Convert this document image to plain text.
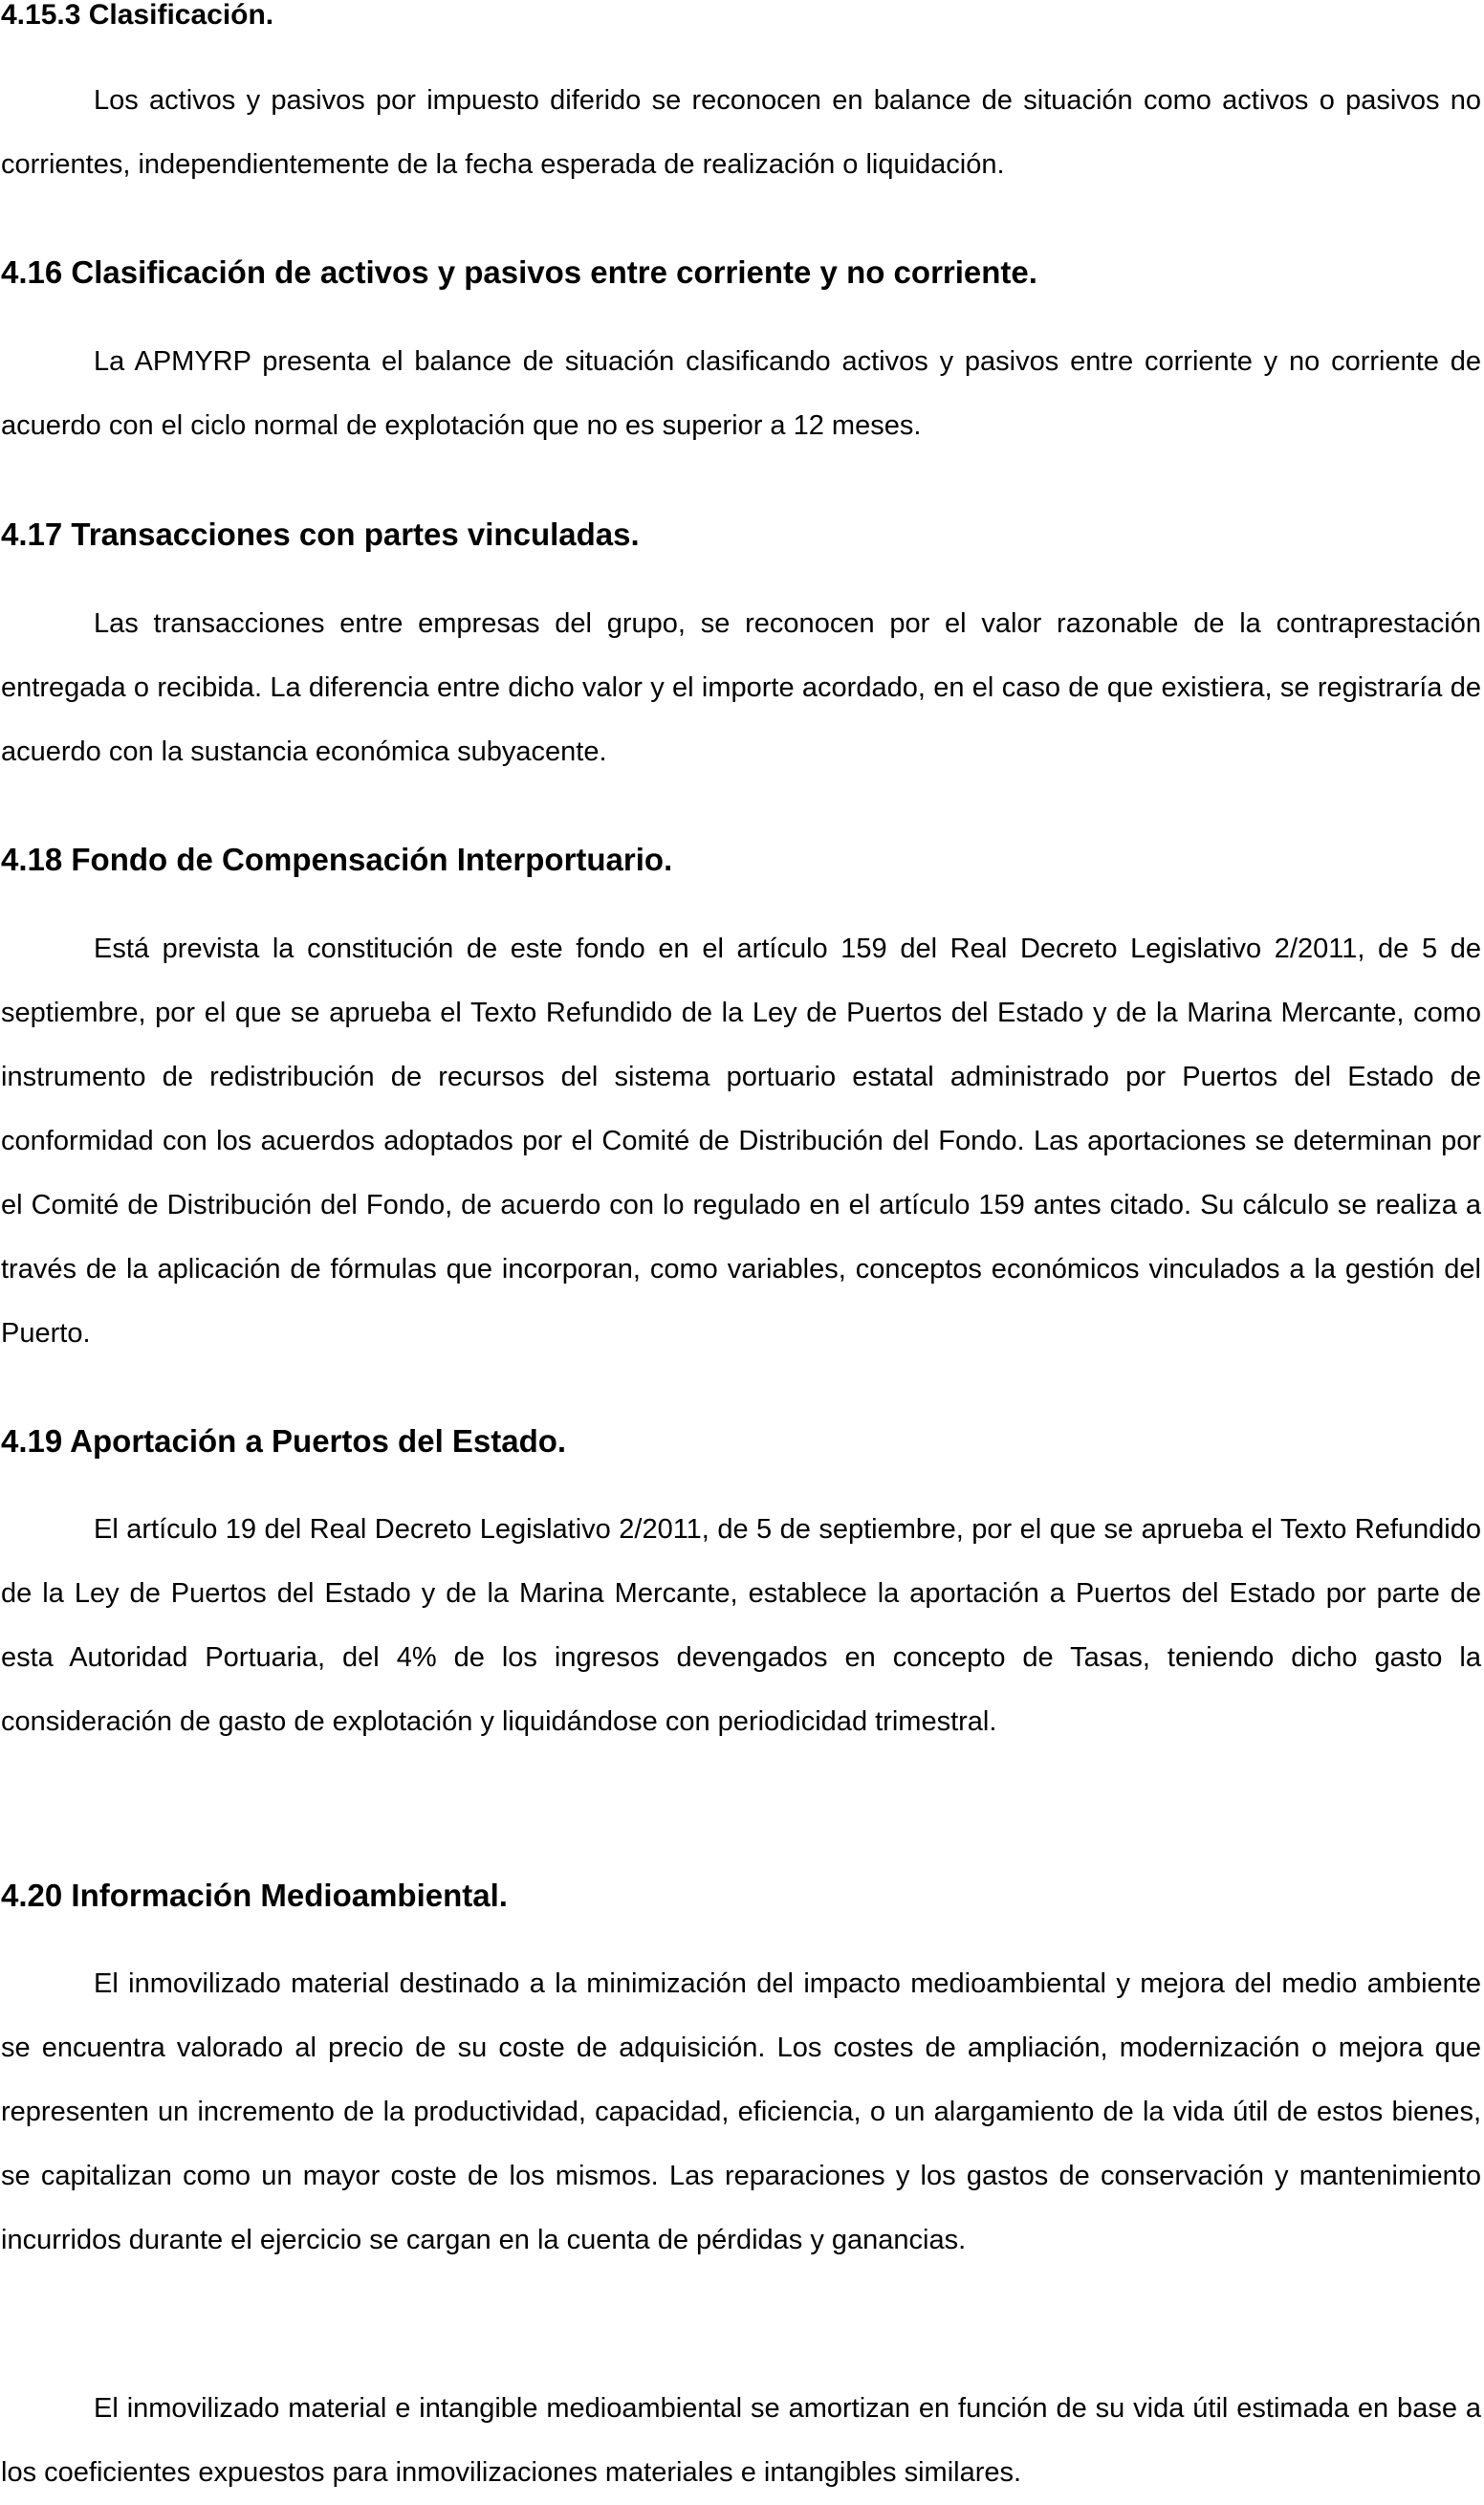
4.15.3 Clasificación.

Los activos y pasivos por impuesto diferido se reconocen en balance de situación como activos o pasivos no corrientes, independientemente de la fecha esperada de realización o liquidación.

4.16 Clasificación de activos y pasivos entre corriente y no corriente.

La APMYRP presenta el balance de situación clasificando activos y pasivos entre corriente y no corriente de acuerdo con el ciclo normal de explotación que no es superior a 12 meses.

4.17 Transacciones con partes vinculadas.

Las transacciones entre empresas del grupo, se reconocen por el valor razonable de la contraprestación entregada o recibida. La diferencia entre dicho valor y el importe acordado, en el caso de que existiera, se registraría de acuerdo con la sustancia económica subyacente.

4.18 Fondo de Compensación Interportuario.

Está prevista la constitución de este fondo en el artículo 159 del Real Decreto Legislativo 2/2011, de 5 de septiembre, por el que se aprueba el Texto Refundido de la Ley de Puertos del Estado y de la Marina Mercante, como instrumento de redistribución de recursos del sistema portuario estatal administrado por Puertos del Estado de conformidad con los acuerdos adoptados por el Comité de Distribución del Fondo. Las aportaciones se determinan por el Comité de Distribución del Fondo, de acuerdo con lo regulado en el artículo 159 antes citado. Su cálculo se realiza a través de la aplicación de fórmulas que incorporan, como variables, conceptos económicos vinculados a la gestión del Puerto.

4.19 Aportación a Puertos del Estado.

El artículo 19 del Real Decreto Legislativo 2/2011, de 5 de septiembre, por el que se aprueba el Texto Refundido de la Ley de Puertos del Estado y de la Marina Mercante, establece la aportación a Puertos del Estado por parte de esta Autoridad Portuaria, del 4% de los ingresos devengados en concepto de Tasas, teniendo dicho gasto la consideración de gasto de explotación y liquidándose con periodicidad trimestral.

4.20 Información Medioambiental.

El inmovilizado material destinado a la minimización del impacto medioambiental y mejora del medio ambiente se encuentra valorado al precio de su coste de adquisición. Los costes de ampliación, modernización o mejora que representen un incremento de la productividad, capacidad, eficiencia, o un alargamiento de la vida útil de estos bienes, se capitalizan como un mayor coste de los mismos. Las reparaciones y los gastos de conservación y mantenimiento incurridos durante el ejercicio se cargan en la cuenta de pérdidas y ganancias.

El inmovilizado material e intangible medioambiental se amortizan en función de su vida útil estimada en base a los coeficientes expuestos para inmovilizaciones materiales e intangibles similares.
